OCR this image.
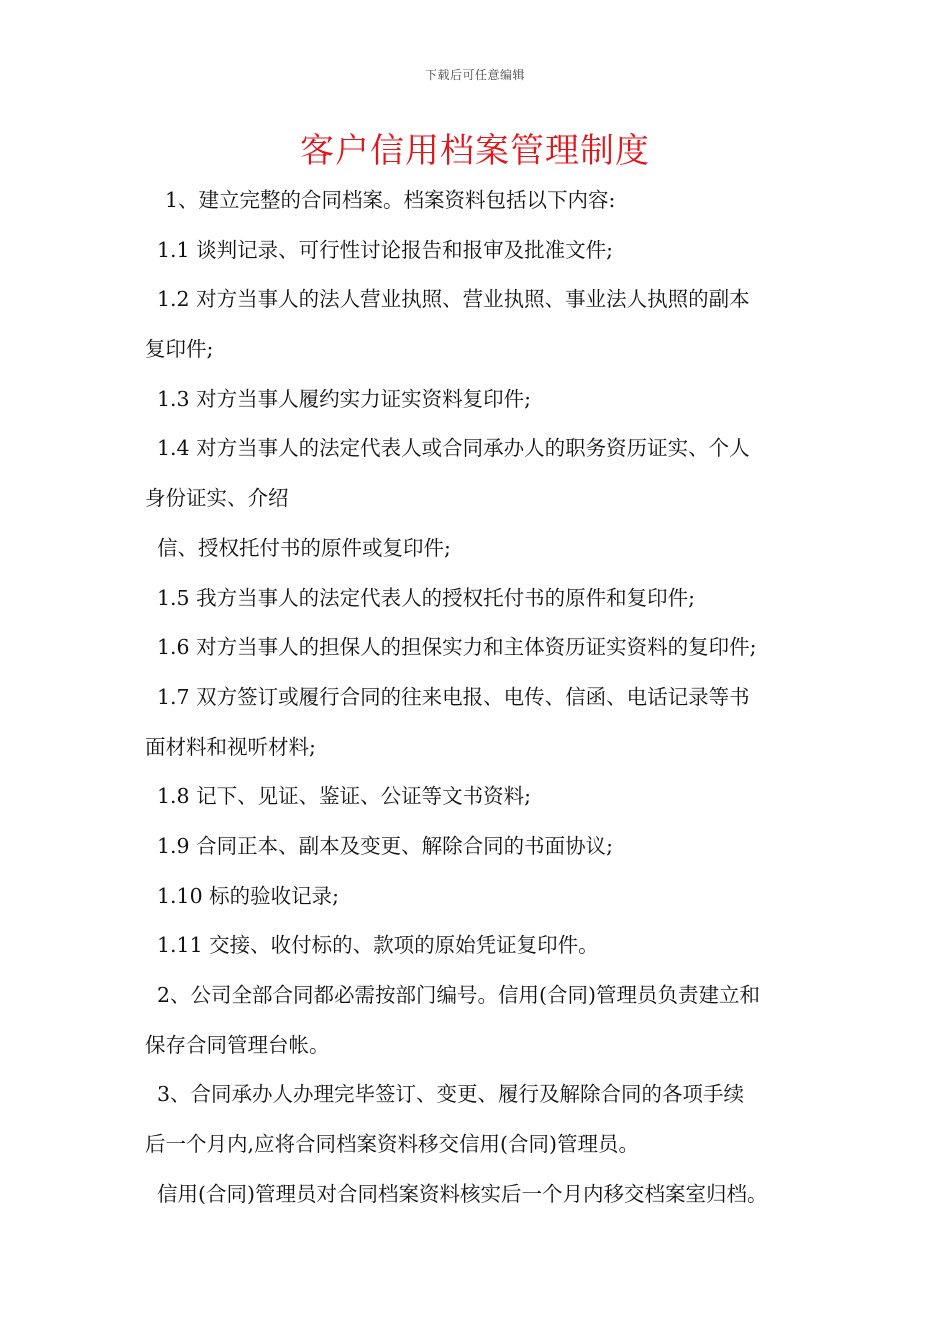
下载后可任意编辑
客户信用档案管理制度
1、建立完整的合同档案。档案资料包括以下内容:
1.1 谈判记录、可行性讨论报告和报审及批准文件;
1.2 对方当事人的法人营业执照、营业执照、事业法人执照的副本
复印件;
1.3 对方当事人履约实力证实资料复印件;
1.4 对方当事人的法定代表人或合同承办人的职务资历证实、个人
身份证实、介绍
信、授权托付书的原件或复印件;
1.5 我方当事人的法定代表人的授权托付书的原件和复印件;
1.6 对方当事人的担保人的担保实力和主体资历证实资料的复印件;
1.7 双方签订或履行合同的往来电报、电传、信函、电话记录等书
面材料和视听材料;
1.8 记下、见证、鉴证、公证等文书资料;
1.9 合同正本、副本及变更、解除合同的书面协议;
1.10 标的验收记录;
1.11 交接、收付标的、款项的原始凭证复印件。
2、公司全部合同都必需按部门编号。信用(合同)管理员负责建立和
保存合同管理台帐。
3、合同承办人办理完毕签订、变更、履行及解除合同的各项手续
后一个月内,应将合同档案资料移交信用(合同)管理员。
信用(合同)管理员对合同档案资料核实后一个月内移交档案室归档。
